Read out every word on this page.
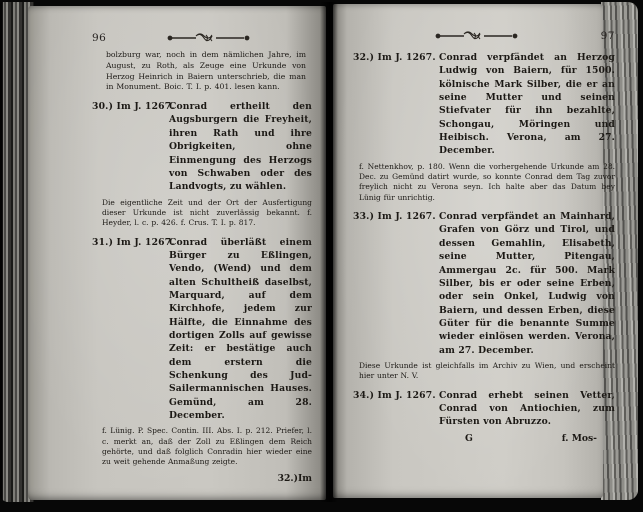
96

bolzburg war, noch in dem nämlichen Jahre, im August, zu Roth, als Zeuge eine Urkunde von Herzog Heinrich in Baiern unterschrieb, die man in Monument. Boic. T. I. p. 401. lesen kann.

30.) Im J. 1267.
Conrad ertheilt den Augsburgern die Freyheit, ihren Rath und ihre Obrigkeiten, ohne Einmengung des Herzogs von Schwaben oder des Landvogts, zu wählen.

Die eigentliche Zeit und der Ort der Ausfertigung dieser Urkunde ist nicht zuverlässig bekannt. f. Heyder, l. c. p. 426. f. Crus. T. I. p. 817.

31.) Im J. 1267.
Conrad überläßt einem Bürger zu Eßlingen, Vendo, (Wend) und dem alten Schultheiß daselbst, Marquard, auf dem Kirchhofe, jedem zur Hälfte, die Einnahme des dortigen Zolls auf gewisse Zeit: er bestätige auch dem erstern die Schenkung des Jud-Sailermannischen Hauses. Gemünd, am 28. December.

f. Lünig. P. Spec. Contin. III. Abs. I. p. 212. Priefer, l. c. merkt an, daß der Zoll zu Eßlingen dem Reich gehörte, und daß folglich Conradin hier wieder eine zu weit gehende Anmaßung zeigte.

32.)Im
97
32.) Im J. 1267. Conrad verpfändet an Herzog Ludwig von Baiern, für 1500. kölnische Mark Silber, die er an seine Mutter und seinen Stiefvater für ihn bezahlte, Schongau, Möringen und Heibisch. Verona, am 27. December.

f. Nettenkhov, p. 180. Wenn die vorhergehende Urkunde am 28. Dec. zu Gemünd datirt wurde, so konnte Conrad dem Tag zuvor freylich nicht zu Verona seyn. Ich halte aber das Datum bey Lünig für unrichtig.

33.) Im J. 1267. Conrad verpfändet an Mainhard, Grafen von Görz und Tirol, und dessen Gemahlin, Elisabeth, seine Mutter, Pitengau, Ammergau 2c. für 500. Mark Silber, bis er oder seine Erben, oder sein Onkel, Ludwig von Baiern, und dessen Erben, diese Güter für die benannte Summe wieder einlösen werden. Verona, am 27. December.

Diese Urkunde ist gleichfalls im Archiv zu Wien, und erscheint hier unter N. V.

34.) Im J. 1267. Conrad erhebt seinen Vetter, Conrad von Antiochien, zum Fürsten von Abruzzo.
G	f. Mos-
